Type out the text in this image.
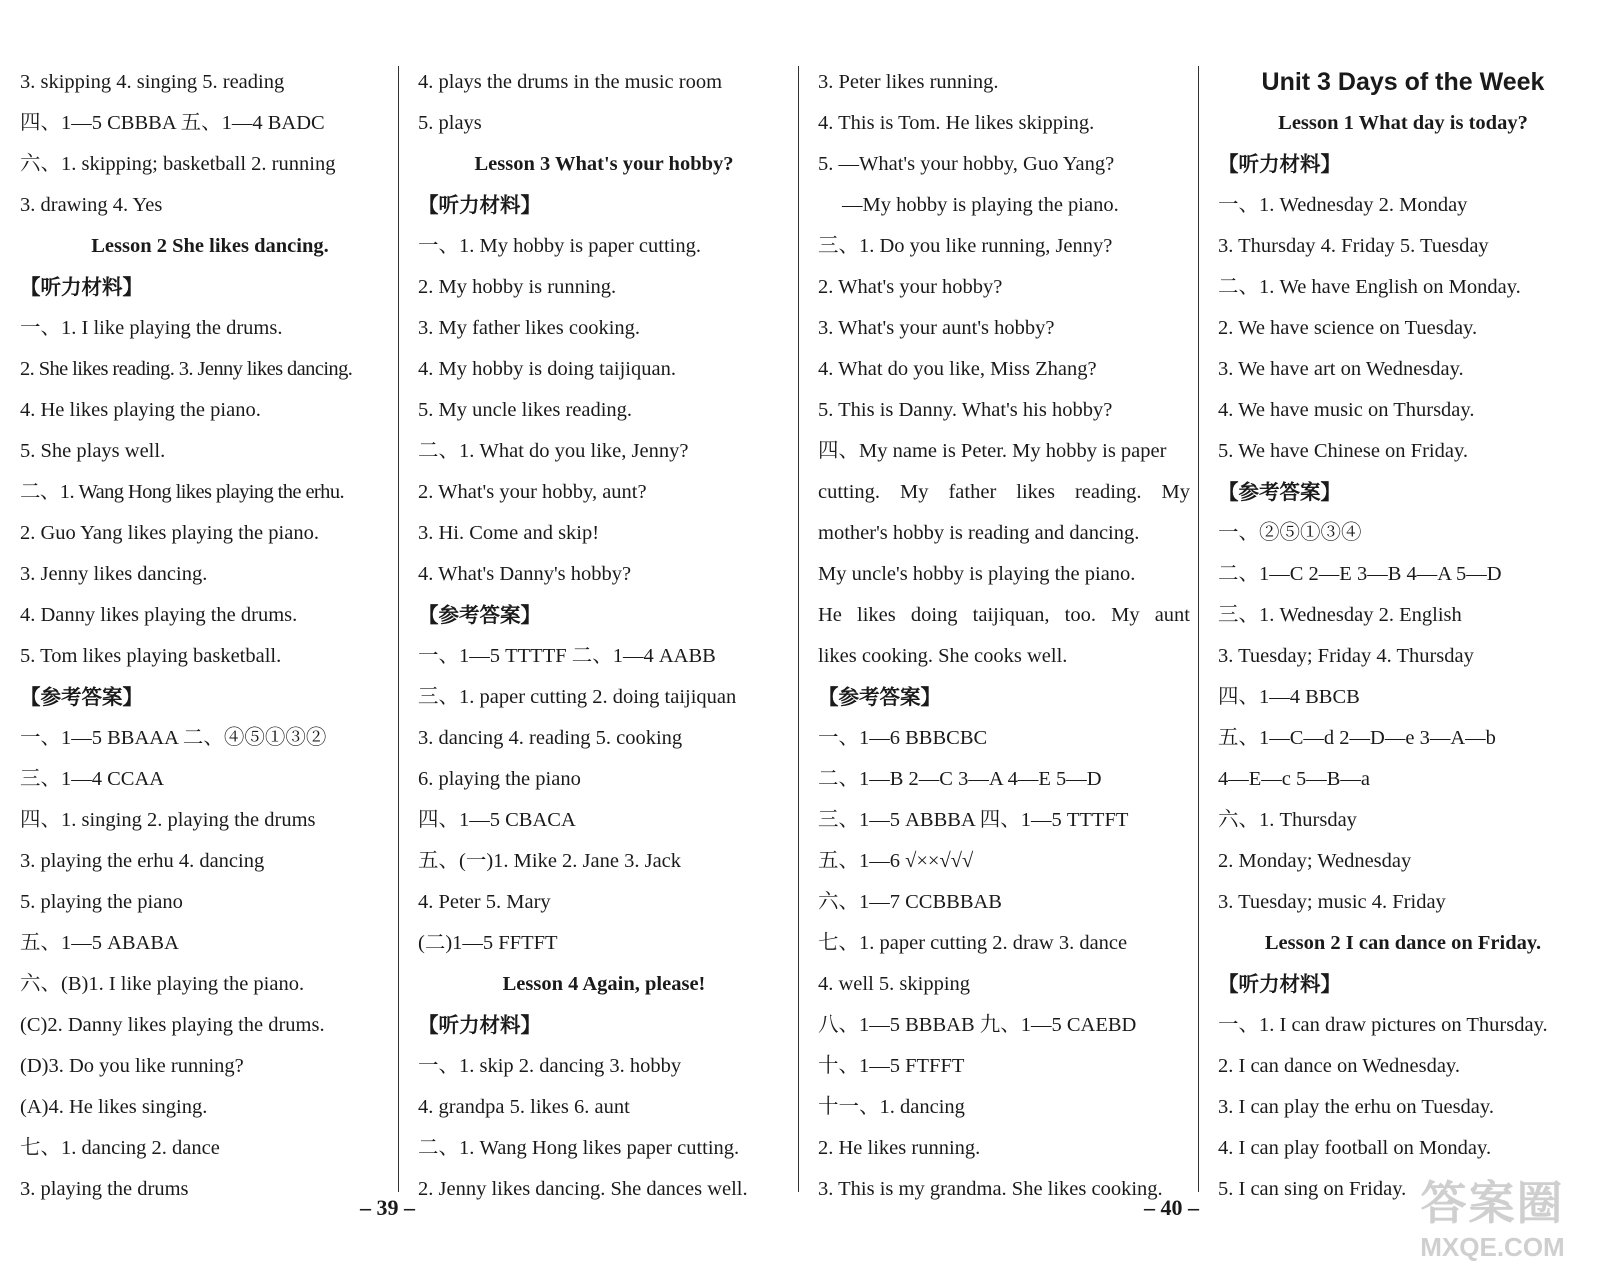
3. skipping 4. singing 5. reading
四、1—5 CBBBA 五、1—4 BADC
六、1. skipping; basketball 2. running
3. drawing 4. Yes
Lesson 2 She likes dancing.
【听力材料】
一、1. I like playing the drums.
2. She likes reading. 3. Jenny likes dancing.
4. He likes playing the piano.
5. She plays well.
二、1. Wang Hong likes playing the erhu.
2. Guo Yang likes playing the piano.
3. Jenny likes dancing.
4. Danny likes playing the drums.
5. Tom likes playing basketball.
【参考答案】
一、1—5 BBAAA 二、④⑤①③②
三、1—4 CCAA
四、1. singing 2. playing the drums
3. playing the erhu 4. dancing
5. playing the piano
五、1—5 ABABA
六、(B)1. I like playing the piano.
(C)2. Danny likes playing the drums.
(D)3. Do you like running?
(A)4. He likes singing.
七、1. dancing 2. dance
3. playing the drums
4. plays the drums in the music room
5. plays
Lesson 3 What's your hobby?
【听力材料】
一、1. My hobby is paper cutting.
2. My hobby is running.
3. My father likes cooking.
4. My hobby is doing taijiquan.
5. My uncle likes reading.
二、1. What do you like, Jenny?
2. What's your hobby, aunt?
3. Hi. Come and skip!
4. What's Danny's hobby?
【参考答案】
一、1—5 TTTTF 二、1—4 AABB
三、1. paper cutting 2. doing taijiquan
3. dancing 4. reading 5. cooking
6. playing the piano
四、1—5 CBACA
五、(一)1. Mike 2. Jane 3. Jack
4. Peter 5. Mary
(二)1—5 FFTFT
Lesson 4 Again, please!
【听力材料】
一、1. skip 2. dancing 3. hobby
4. grandpa 5. likes 6. aunt
二、1. Wang Hong likes paper cutting.
2. Jenny likes dancing. She dances well.
3. Peter likes running.
4. This is Tom. He likes skipping.
5. —What's your hobby, Guo Yang?
—My hobby is playing the piano.
三、1. Do you like running, Jenny?
2. What's your hobby?
3. What's your aunt's hobby?
4. What do you like, Miss Zhang?
5. This is Danny. What's his hobby?
四、My name is Peter. My hobby is paper
cutting. My father likes reading. My
mother's hobby is reading and dancing.
My uncle's hobby is playing the piano.
He likes doing taijiquan, too. My aunt
likes cooking. She cooks well.
【参考答案】
一、1—6 BBBCBC
二、1—B 2—C 3—A 4—E 5—D
三、1—5 ABBBA 四、1—5 TTTFT
五、1—6 √××√√√
六、1—7 CCBBBAB
七、1. paper cutting 2. draw 3. dance
4. well 5. skipping
八、1—5 BBBAB 九、1—5 CAEBD
十、1—5 FTFFT
十一、1. dancing
2. He likes running.
3. This is my grandma. She likes cooking.
Unit 3 Days of the Week
Lesson 1 What day is today?
【听力材料】
一、1. Wednesday 2. Monday
3. Thursday 4. Friday 5. Tuesday
二、1. We have English on Monday.
2. We have science on Tuesday.
3. We have art on Wednesday.
4. We have music on Thursday.
5. We have Chinese on Friday.
【参考答案】
一、②⑤①③④
二、1—C 2—E 3—B 4—A 5—D
三、1. Wednesday 2. English
3. Tuesday; Friday 4. Thursday
四、1—4 BBCB
五、1—C—d 2—D—e 3—A—b
4—E—c 5—B—a
六、1. Thursday
2. Monday; Wednesday
3. Tuesday; music 4. Friday
Lesson 2 I can dance on Friday.
【听力材料】
一、1. I can draw pictures on Thursday.
2. I can dance on Wednesday.
3. I can play the erhu on Tuesday.
4. I can play football on Monday.
5. I can sing on Friday.
– 39 –	– 40 –	答案圈
MXQE.COM
